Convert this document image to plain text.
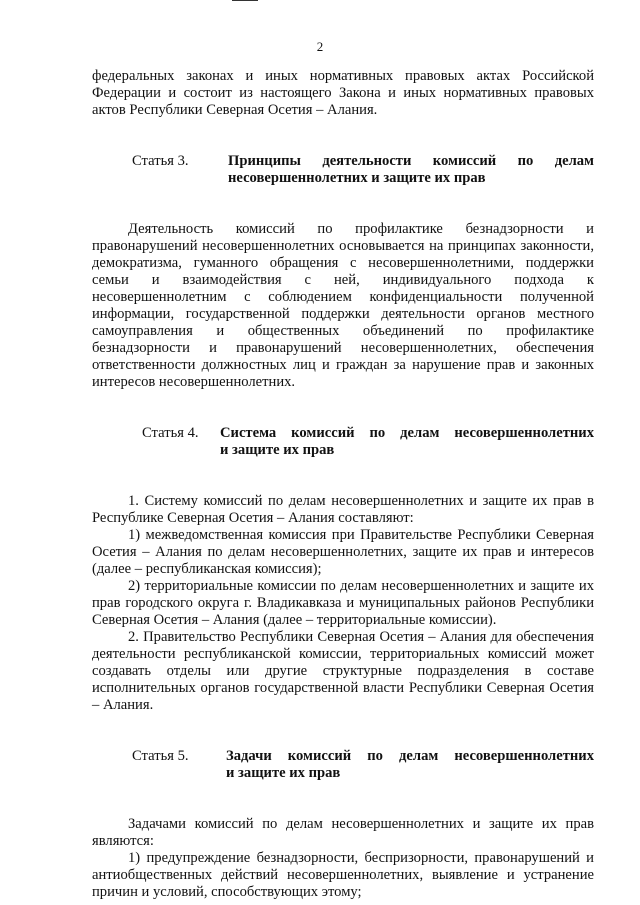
2

федеральных законах и иных нормативных правовых актах Российской Федерации и состоит из настоящего Закона и иных нормативных правовых актов Республики Северная Осетия – Алания.

Статья 3.	Принципы деятельности комиссий по делам
несовершеннолетних и защите их прав

Деятельность комиссий по профилактике безнадзорности и правонарушений несовершеннолетних основывается на принципах законности, демократизма, гуманного обращения с несовершеннолетними, поддержки семьи и взаимодействия с ней, индивидуального подхода к несовершеннолетним с соблюдением конфиденциальности полученной информации, государственной поддержки деятельности органов местного самоуправления и общественных объединений по профилактике безнадзорности и правонарушений несовершеннолетних, обеспечения ответственности должностных лиц и граждан за нарушение прав и законных интересов несовершеннолетних.

Статья 4.	Система комиссий по делам несовершеннолетних
и защите их прав

1. Систему комиссий по делам несовершеннолетних и защите их прав в Республике Северная Осетия – Алания составляют:

1) межведомственная комиссия при Правительстве Республики Северная Осетия – Алания по делам несовершеннолетних, защите их прав и интересов (далее – республиканская комиссия);

2) территориальные комиссии по делам несовершеннолетних и защите их прав городского округа г. Владикавказа и муниципальных районов Республики Северная Осетия – Алания (далее – территориальные комиссии).

2. Правительство Республики Северная Осетия – Алания для обеспечения деятельности республиканской комиссии, территориальных комиссий может создавать отделы или другие структурные подразделения в составе исполнительных органов государственной власти Республики Северная Осетия – Алания.

Статья 5.	Задачи комиссий по делам несовершеннолетних
и защите их прав

Задачами комиссий по делам несовершеннолетних и защите их прав являются:

1) предупреждение безнадзорности, беспризорности, правонарушений и антиобщественных действий несовершеннолетних, выявление и устранение причин и условий, способствующих этому;
